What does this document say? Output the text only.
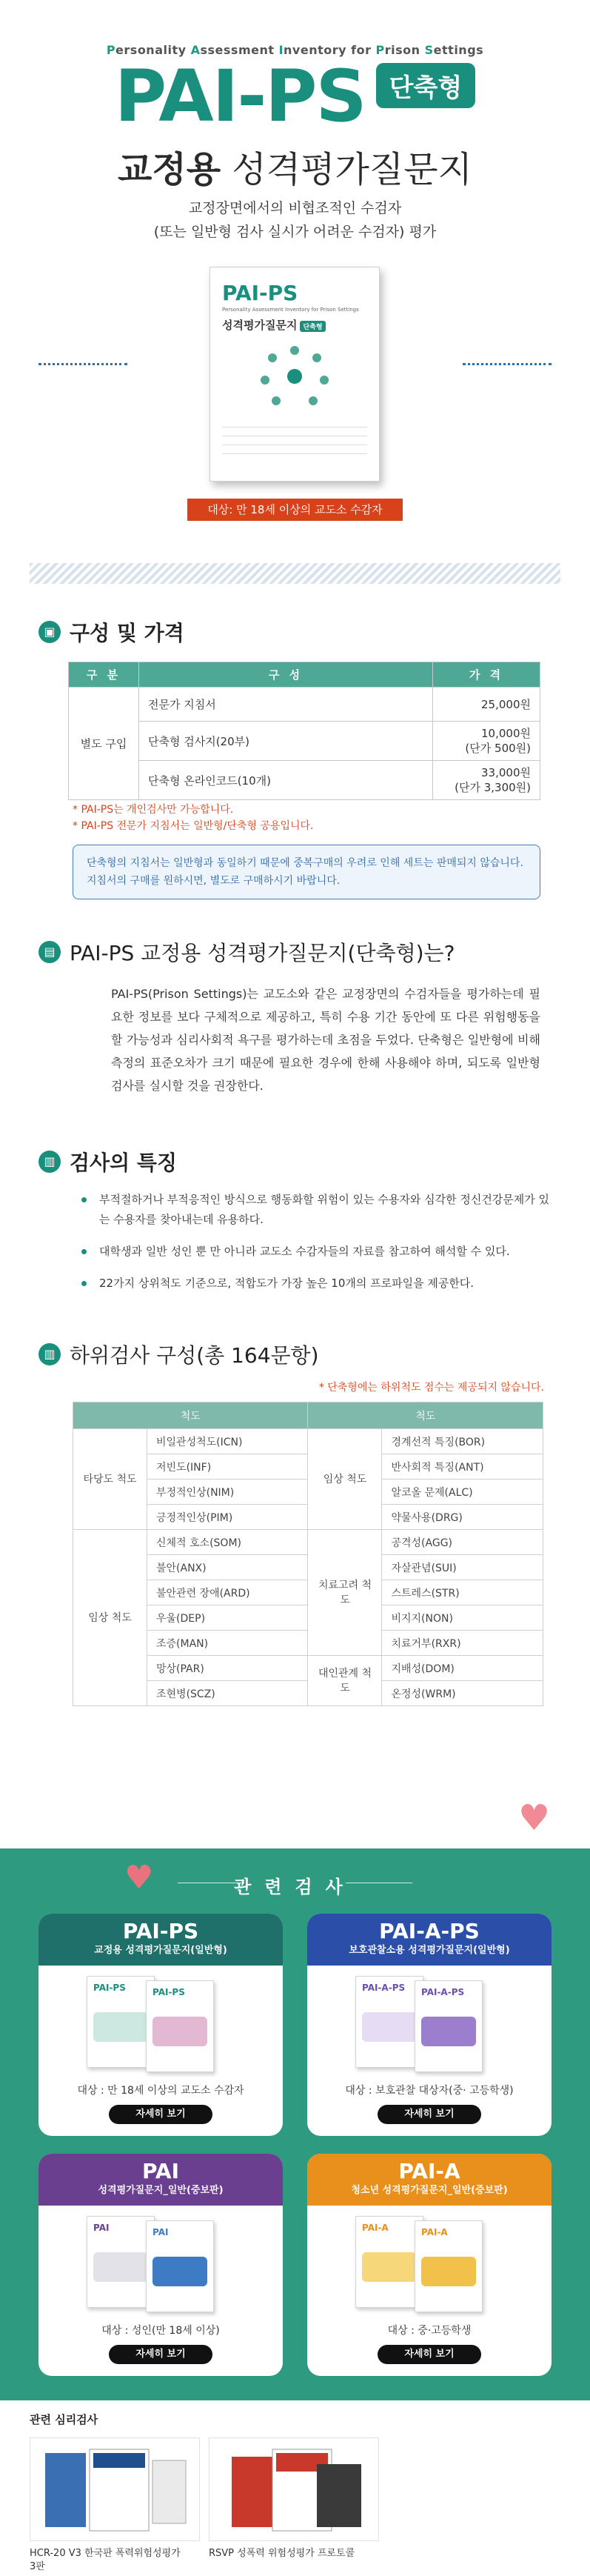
Personality Assessment Inventory for Prison Settings
PAI-PS 단축형
교정용 성격평가질문지
교정장면에서의 비협조적인 수검자
(또는 일반형 검사 실시가 어려운 수검자) 평가
PAI-PS
Personality Assessment Inventory for Prison Settings
성격평가질문지 단축형
대상: 만 18세 이상의 교도소 수감자
▣ 구성 및 가격
구 분	구 성	가 격
별도 구입	전문가 지침서	25,000원

	단축형 검사지(20부)	10,000원
(단가 500원)

	단축형 온라인코드(10개)	33,000원
(단가 3,300원)
* PAI-PS는 개인검사만 가능합니다.
* PAI-PS 전문가 지침서는 일반형/단축형 공용입니다.
단축형의 지침서는 일반형과 동일하기 때문에 중복구매의 우려로 인해 세트는 판매되지 않습니다.
지침서의 구매를 원하시면, 별도로 구매하시기 바랍니다.
▤ PAI-PS 교정용 성격평가질문지(단축형)는?

PAI-PS(Prison Settings)는 교도소와 같은 교정장면의 수검자들을 평가하는데 필요한 정보를 보다 구체적으로 제공하고, 특히 수용 기간 동안에 또 다른 위험행동을 할 가능성과 심리사회적 욕구를 평가하는데 초점을 두었다. 단축형은 일반형에 비해 측정의 표준오차가 크기 때문에 필요한 경우에 한해 사용해야 하며, 되도록 일반형 검사를 실시할 것을 권장한다.

▥ 검사의 특징
부적절하거나 부적응적인 방식으로 행동화할 위험이 있는 수용자와 심각한 정신건강문제가 있는 수용자를 찾아내는데 유용하다.
대학생과 일반 성인 뿐 만 아니라 교도소 수감자들의 자료를 참고하여 해석할 수 있다.
22가지 상위척도 기준으로, 적합도가 가장 높은 10개의 프로파일을 제공한다.
▥ 하위검사 구성(총 164문항)
* 단축형에는 하위척도 점수는 제공되지 않습니다.
척도		척도	
타당도 척도	비일관성척도(ICN)	임상 척도	경계선적 특징(BOR)
	저빈도(INF)		반사회적 특징(ANT)
	부정적인상(NIM)		알코올 문제(ALC)
	긍정적인상(PIM)		약물사용(DRG)
임상 척도	신체적 호소(SOM)	치료고려 척도	공격성(AGG)
	불안(ANX)		자살관념(SUI)
	불안관련 장애(ARD)		스트레스(STR)
	우울(DEP)		비지지(NON)
	조증(MAN)		치료거부(RXR)
	망상(PAR)	대인관계 척도	지배성(DOM)
	조현병(SCZ)		온정성(WRM)
♥
♥	관련검사
PAI-PS
교정용 성격평가질문지(일반형)
PAI-PS	PAI-PS
대상 : 만 18세 이상의 교도소 수감자
자세히 보기
PAI-A-PS
보호관찰소용 성격평가질문지(일반형)
PAI-A-PS	PAI-A-PS
대상 : 보호관찰 대상자(중· 고등학생)
자세히 보기
PAI
성격평가질문지_일반(중보판)
PAI	PAI
대상 : 성인(만 18세 이상)
자세히 보기
PAI-A
청소년 성격평가질문지_일반(중보판)
PAI-A	PAI-A
대상 : 중·고등학생
자세히 보기
관련 심리검사
HCR-20 V3 한국판 폭력위험성평가
3판
RSVP 성폭력 위험성평가 프로토콜
